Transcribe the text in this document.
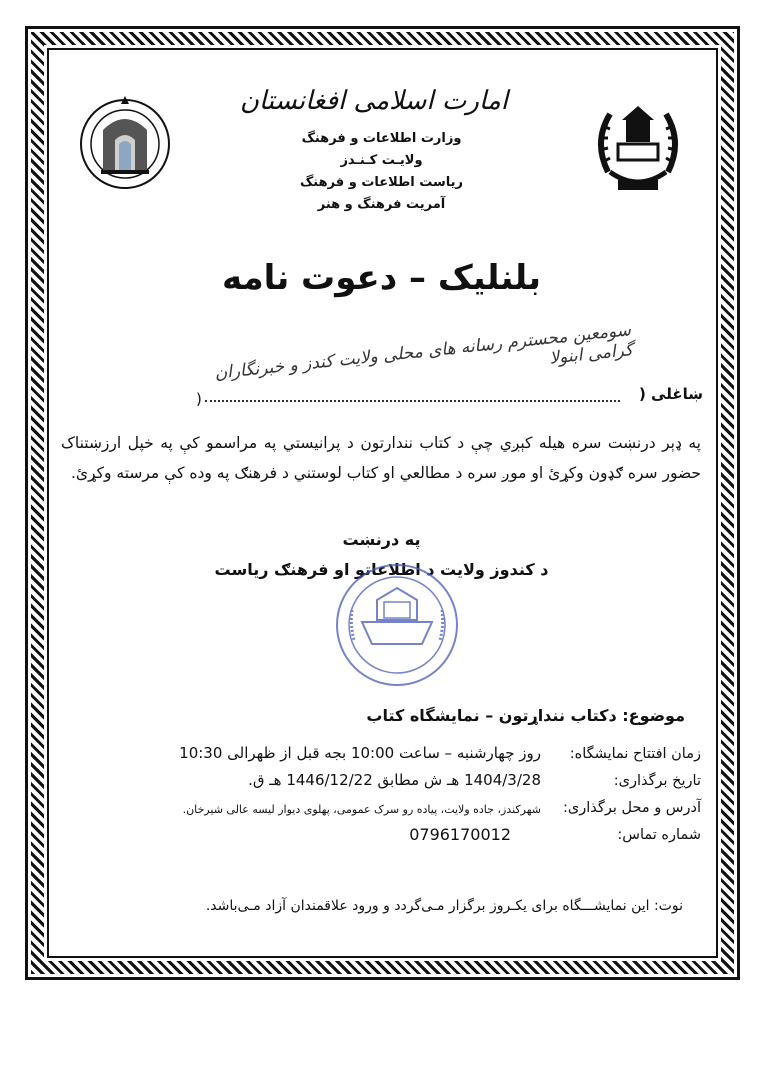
امارت اسلامی افغانستان
وزارت اطلاعات و فرهنگ
ولایـت کـنـدز
ریاست اطلاعات و فرهنگ
آمریت فرهنگ و هنر
بلنلیک – دعوت نامه
ښاغلی (
سومعین محسترم رسانه های محلی ولایت کندز و خبرنگاران گرامی ابنولا
)
په ډېر درنښت سره هیله کېږي چې د کتاب نندارتون د پرانیستي په مراسمو کې په خپل ارزښتناک حضور سره ګډون وکړئ او موږ سره د مطالعي او کتاب لوستني د فرهنګ په وده کې مرسته وکړئ.
په درنښت
د کندوز ولایت د اطلاعاتو او فرهنګ ریاست
موضوع: دکتاب ننداړتون – نمایشگاه کتاب
زمان افتتاح نمایشگاه:
روز چهارشنبه – ساعت 10:00 بجه قبل از ظهرالی 10:30
تاریخ برگذاری:
1404/3/28 هـ ش مطابق 1446/12/22 هـ ق.
آدرس و محل برگذاری:
شهرکندز، جاده ولایت، پیاده رو سرک عمومی، پهلوی دیوار لیسه عالی شیرخان.
شماره تماس:
0796170012
نوت: این نمایشـــگاه برای یکـروز برگزار مـی‌گردد و ورود علاقمندان آزاد مـی‌باشد.
